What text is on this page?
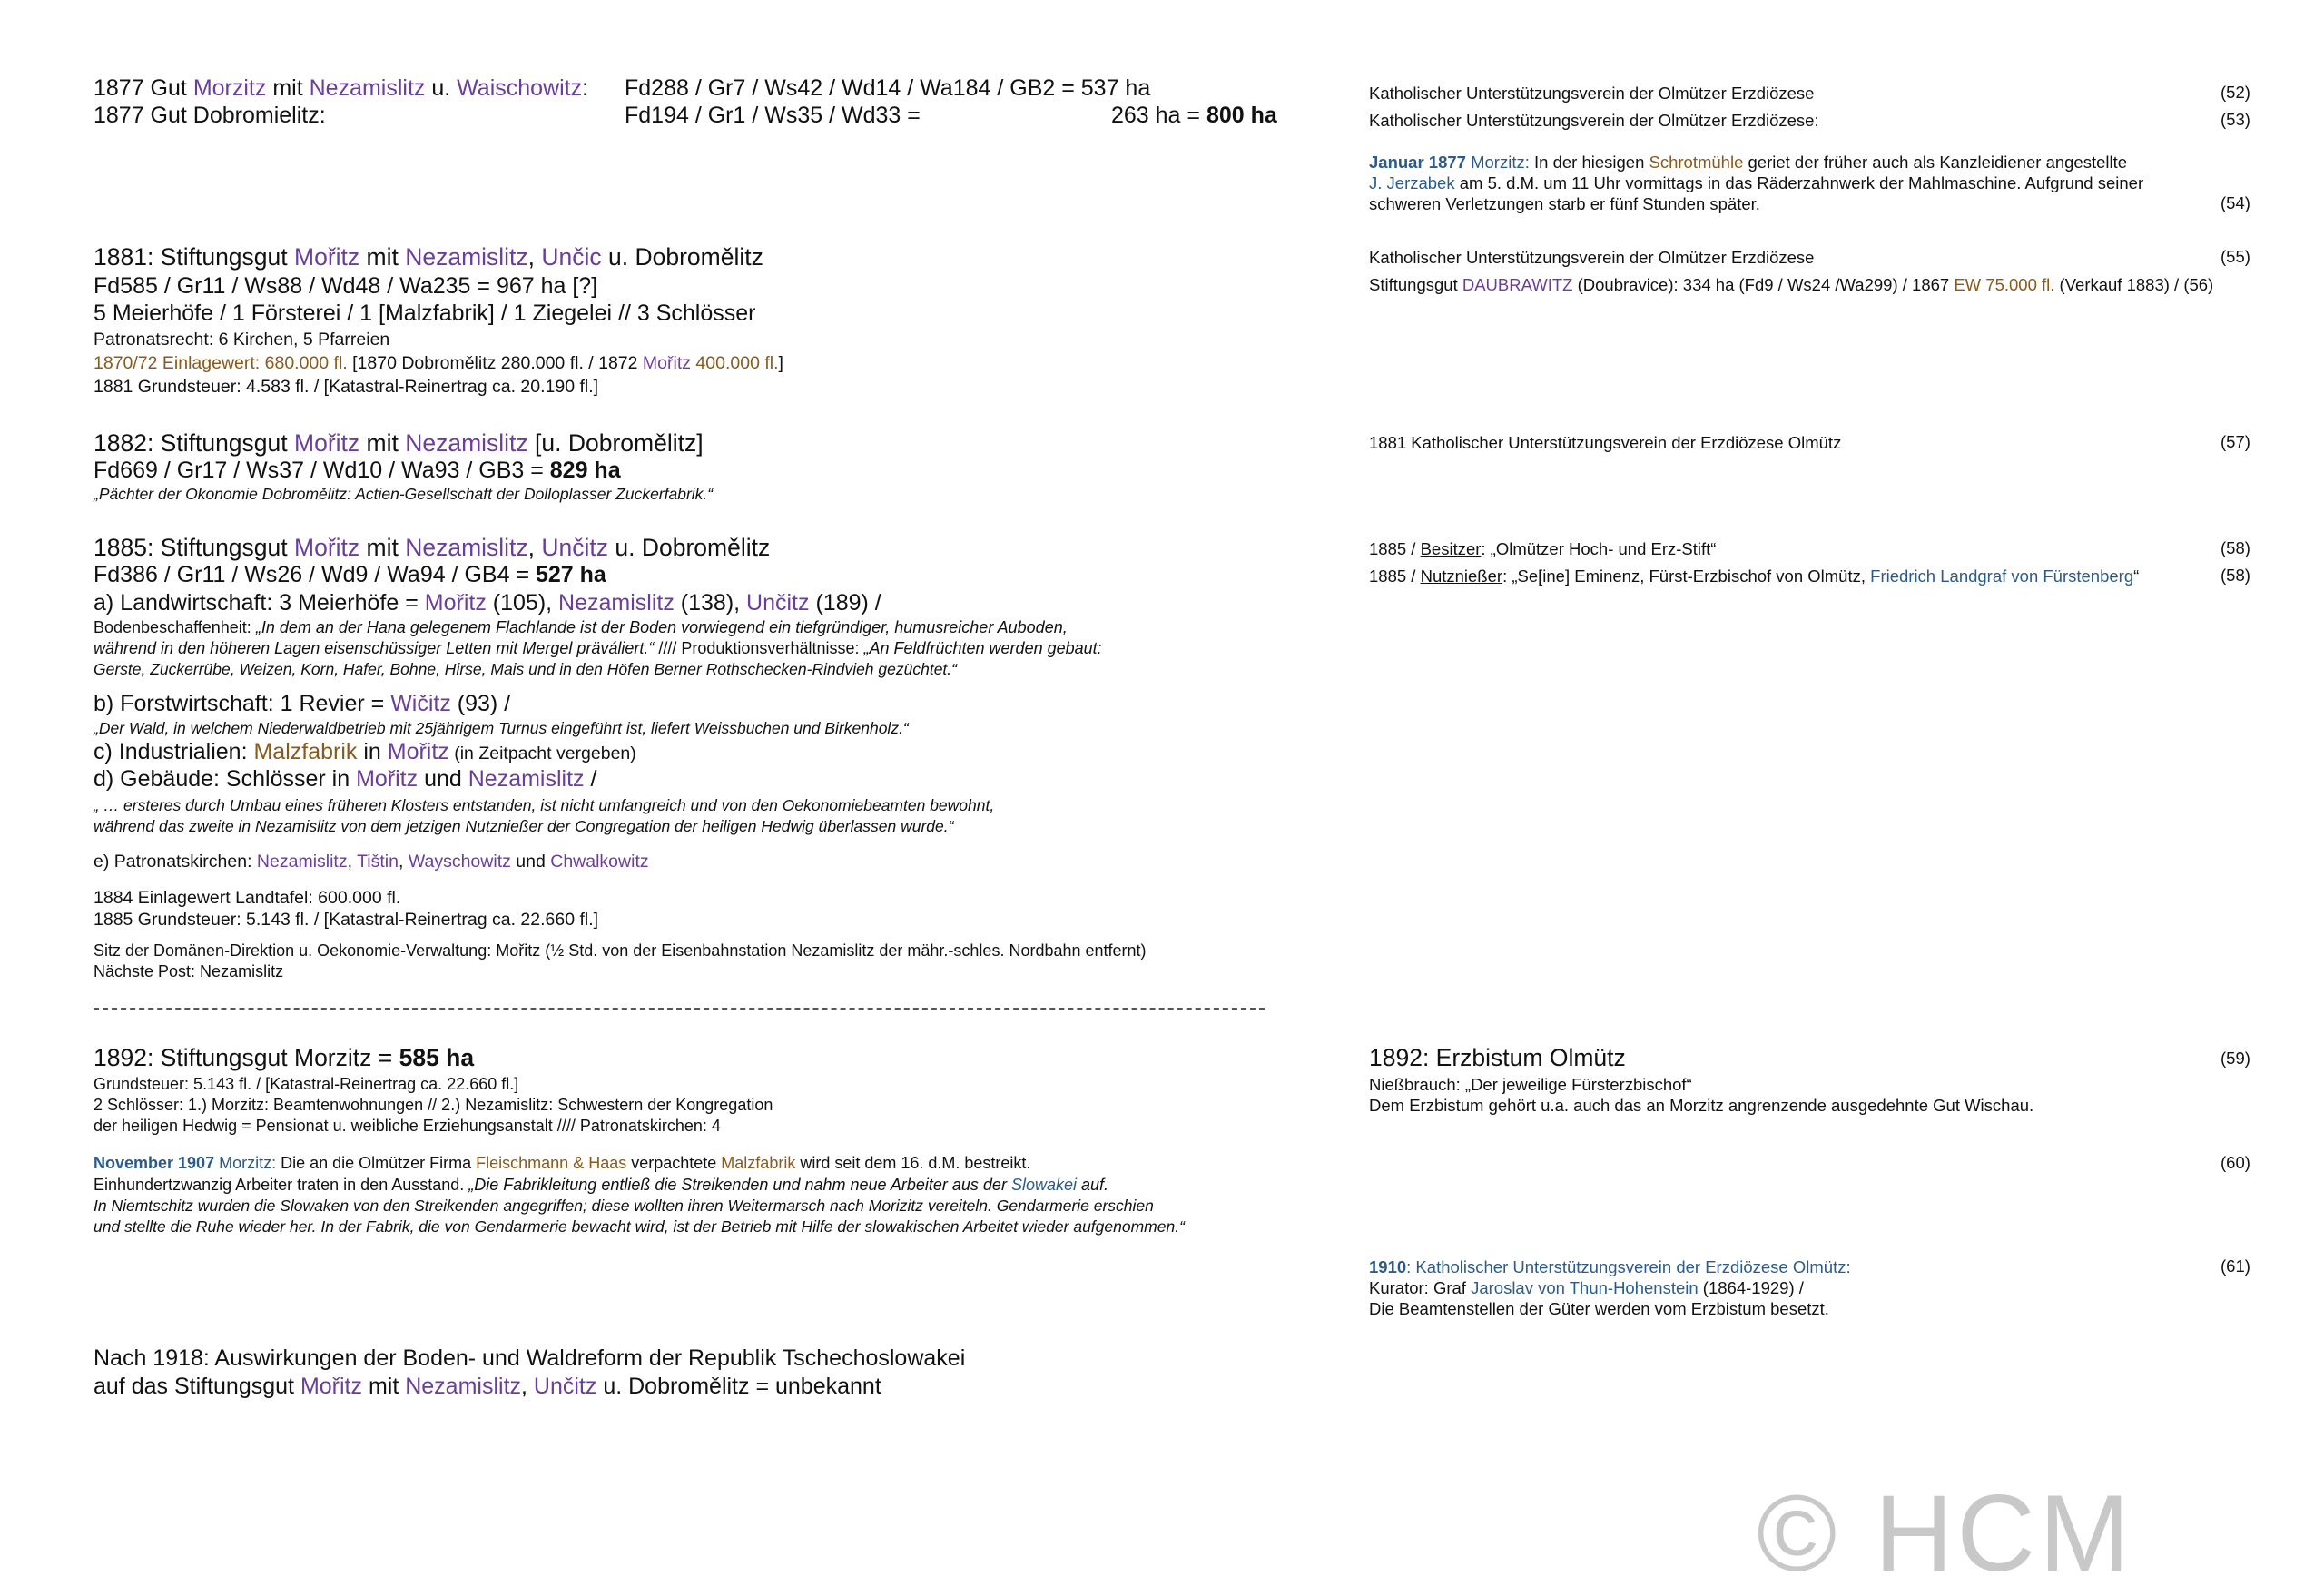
1877 Gut Morzitz mit Nezamislitz u. Waischowitz: Fd288 / Gr7 / Ws42 / Wd14 / Wa184 / GB2 = 537 ha
1877 Gut Dobromielitz:	Fd194 / Gr1 / Ws35 / Wd33 =	263 ha = 800 ha
1881: Stiftungsgut Mořitz mit Nezamislitz, Unčic u. Dobromělitz
Fd585 / Gr11 / Ws88 / Wd48 / Wa235 = 967 ha [?]
5 Meierhöfe / 1 Försterei / 1 [Malzfabrik] / 1 Ziegelei // 3 Schlösser
Patronatsrecht: 6 Kirchen, 5 Pfarreien
1870/72 Einlagewert: 680.000 fl. [1870 Dobromělitz 280.000 fl. / 1872 Mořitz 400.000 fl.]
1881 Grundsteuer: 4.583 fl. / [Katastral-Reinertrag ca. 20.190 fl.]
1882: Stiftungsgut Mořitz mit Nezamislitz [u. Dobromělitz]
Fd669 / Gr17 / Ws37 / Wd10 / Wa93 / GB3 = 829 ha
„Pächter der Okonomie Dobromělitz: Actien-Gesellschaft der Dolloplasser Zuckerfabrik.“
1885: Stiftungsgut Mořitz mit Nezamislitz, Unčitz u. Dobromělitz
Fd386 / Gr11 / Ws26 / Wd9 / Wa94 / GB4 = 527 ha
a) Landwirtschaft: 3 Meierhöfe = Mořitz (105), Nezamislitz (138), Unčitz (189) /
Bodenbeschaffenheit: „In dem an der Hana gelegenem Flachlande ist der Boden vorwiegend ein tiefgründiger, humusreicher Auboden,
während in den höheren Lagen eisenschüssiger Letten mit Mergel präváliert.“ //// Produktionsverhältnisse: „An Feldfrüchten werden gebaut:
Gerste, Zuckerrübe, Weizen, Korn, Hafer, Bohne, Hirse, Mais und in den Höfen Berner Rothschecken-Rindvieh gezüchtet.“
b) Forstwirtschaft: 1 Revier = Wičitz (93) /
„Der Wald, in welchem Niederwaldbetrieb mit 25jährigem Turnus eingeführt ist, liefert Weissbuchen und Birkenholz.“
c) Industrialien: Malzfabrik in Mořitz (in Zeitpacht vergeben)
d) Gebäude: Schlösser in Mořitz und Nezamislitz /
„ … ersteres durch Umbau eines früheren Klosters entstanden, ist nicht umfangreich und von den Oekonomiebeamten bewohnt,
während das zweite in Nezamislitz von dem jetzigen Nutznießer der Congregation der heiligen Hedwig überlassen wurde.“
e) Patronatskirchen: Nezamislitz, Tištin, Wayschowitz und Chwalkowitz
1884 Einlagewert Landtafel: 600.000 fl.
1885 Grundsteuer: 5.143 fl. / [Katastral-Reinertrag ca. 22.660 fl.]
Sitz der Domänen-Direktion u. Oekonomie-Verwaltung: Mořitz (½ Std. von der Eisenbahnstation Nezamislitz der mähr.-schles. Nordbahn entfernt)
Nächste Post: Nezamislitz
1892: Stiftungsgut Morzitz = 585 ha
Grundsteuer: 5.143 fl. / [Katastral-Reinertrag ca. 22.660 fl.]
2 Schlösser: 1.) Morzitz: Beamtenwohnungen // 2.) Nezamislitz: Schwestern der Kongregation
der heiligen Hedwig = Pensionat u. weibliche Erziehungsanstalt //// Patronatskirchen: 4
November 1907 Morzitz: Die an die Olmützer Firma Fleischmann & Haas verpachtete Malzfabrik wird seit dem 16. d.M. bestreikt.
Einhundertzwanzig Arbeiter traten in den Ausstand. „Die Fabrikleitung entließ die Streikenden und nahm neue Arbeiter aus der Slowakei auf.
In Niemtschitz wurden die Slowaken von den Streikenden angegriffen; diese wollten ihren Weitermarsch nach Morizitz vereiteln. Gendarmerie erschien
und stellte die Ruhe wieder her. In der Fabrik, die von Gendarmerie bewacht wird, ist der Betrieb mit Hilfe der slowakischen Arbeitet wieder aufgenommen.“
Nach 1918: Auswirkungen der Boden- und Waldreform der Republik Tschechoslowakei
auf das Stiftungsgut Mořitz mit Nezamislitz, Unčitz u. Dobromělitz = unbekannt
Katholischer Unterstützungsverein der Olmützer Erzdiözese	(52)
Katholischer Unterstützungsverein der Olmützer Erzdiözese:	(53)
Januar 1877 Morzitz: In der hiesigen Schrotmühle geriet der früher auch als Kanzleidiener angestellte
J. Jerzabek am 5. d.M. um 11 Uhr vormittags in das Räderzahnwerk der Mahlmaschine. Aufgrund seiner
schweren Verletzungen starb er fünf Stunden später.	(54)
Katholischer Unterstützungsverein der Olmützer Erzdiözese	(55)
Stiftungsgut DAUBRAWITZ (Doubravice): 334 ha (Fd9 / Ws24 /Wa299) / 1867 EW 75.000 fl. (Verkauf 1883) / (56)
1881 Katholischer Unterstützungsverein der Erzdiözese Olmütz	(57)
1885 / Besitzer: „Olmützer Hoch- und Erz-Stift“	(58)
1885 / Nutznießer: „Se[ine] Eminenz, Fürst-Erzbischof von Olmütz, Friedrich Landgraf von Fürstenberg“	(58)
1892: Erzbistum Olmütz	(59)
Nießbrauch: „Der jeweilige Fürsterzbischof“
Dem Erzbistum gehört u.a. auch das an Morzitz angrenzende ausgedehnte Gut Wischau.
(60)
1910: Katholischer Unterstützungsverein der Erzdiözese Olmütz:	(61)
Kurator: Graf Jaroslav von Thun-Hohenstein (1864-1929) /
Die Beamtenstellen der Güter werden vom Erzbistum besetzt.
© HCM
